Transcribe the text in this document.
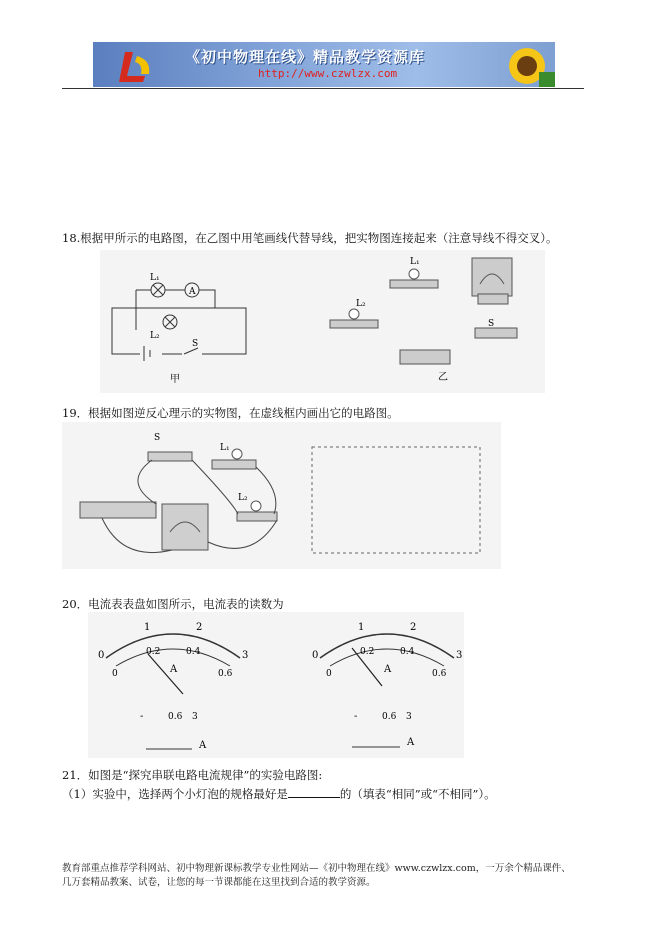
《初中物理在线》精品教学资源库
http://www.czwlzx.com
18.根据甲所示的电路图，在乙图中用笔画线代替导线，把实物图连接起来（注意导线不得交叉）。
A
L₁
L₂
S
甲
L₁
L₂
S
乙
19．根据如图逆反心理示的实物图，在虚线框内画出它的电路图。
S
L₁
L₂
20．电流表表盘如图所示，电流表的读数为
0
1	2
3
0
0.2	0.4
0.6
A
-	0.6 3
A
0
1	2
3
0
0.2	0.4
0.6
A
-	0.6 3
A
21．如图是“探究串联电路电流规律”的实验电路图:
（1）实验中，选择两个小灯泡的规格最好是	的（填表“相同”或“不相同”）。
教育部重点推荐学科网站、初中物理新课标教学专业性网站—《初中物理在线》www.czwlzx.com，一万余个精品课件、
几万套精品教案、试卷，让您的每一节课都能在这里找到合适的教学资源。
